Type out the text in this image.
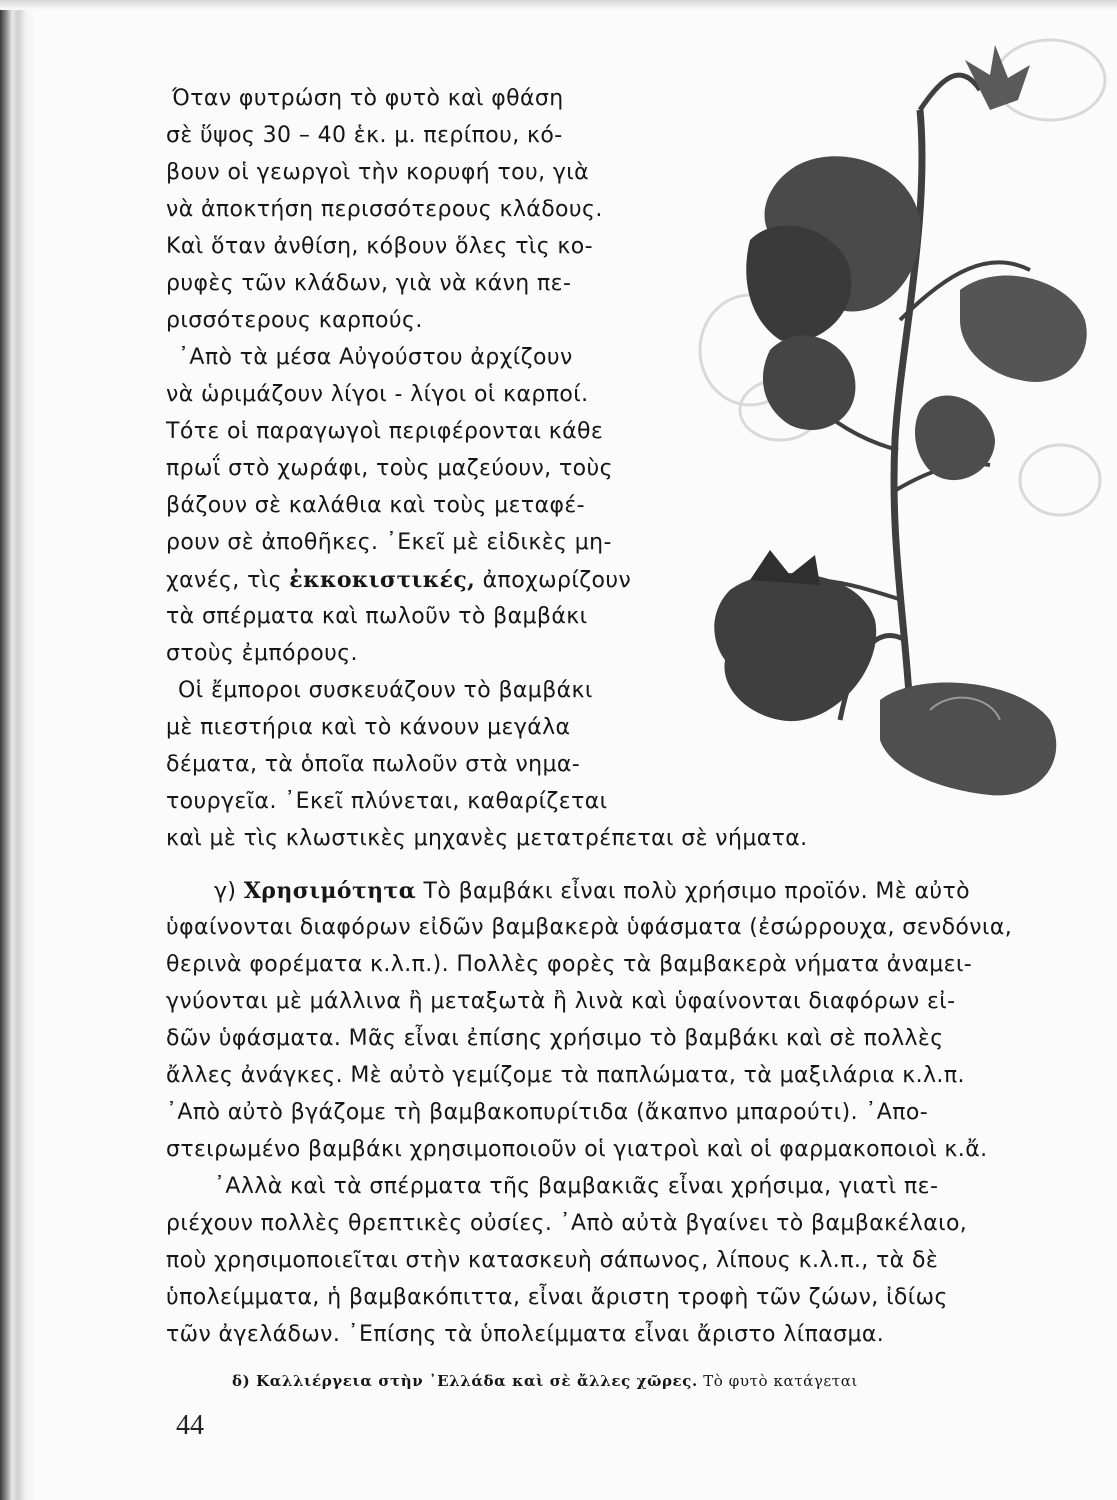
Όταν φυτρώση τὸ φυτὸ καὶ φθάση
σὲ ὕψος 30 – 40 ἑκ. μ. περίπου, κό-
βουν οἱ γεωργοὶ τὴν κορυφή του, γιὰ
νὰ ἀποκτήση περισσότερους κλάδους.
Καὶ ὅταν ἀνθίση, κόβουν ὅλες τὶς κο-
ρυφὲς τῶν κλάδων, γιὰ νὰ κάνη πε-
ρισσότερους καρπούς.
᾿Απὸ τὰ μέσα Αὐγούστου ἀρχίζουν
νὰ ὡριμάζουν λίγοι - λίγοι οἱ καρποί.
Τότε οἱ παραγωγοὶ περιφέρονται κάθε
πρωΐ στὸ χωράφι, τοὺς μαζεύουν, τοὺς
βάζουν σὲ καλάθια καὶ τοὺς μεταφέ-
ρουν σὲ ἀποθῆκες. ᾿Εκεῖ μὲ εἰδικὲς μη-
χανές, τὶς ἐκκοκιστικές, ἀποχωρίζουν
τὰ σπέρματα καὶ πωλοῦν τὸ βαμβάκι
στοὺς ἐμπόρους.
Οἱ ἔμποροι συσκευάζουν τὸ βαμβάκι
μὲ πιεστήρια καὶ τὸ κάνουν μεγάλα
δέματα, τὰ ὁποῖα πωλοῦν στὰ νημα-
τουργεῖα. ᾿Εκεῖ πλύνεται, καθαρίζεται
καὶ μὲ τὶς κλωστικὲς μηχανὲς μετατρέπεται σὲ νήματα.
γ) Χρησιμότητα Τὸ βαμβάκι εἶναι πολὺ χρήσιμο προϊόν. Μὲ αὐτὸ
ὑφαίνονται διαφόρων εἰδῶν βαμβακερὰ ὑφάσματα (ἐσώρρουχα, σενδόνια,
θερινὰ φορέματα κ.λ.π.). Πολλὲς φορὲς τὰ βαμβακερὰ νήματα ἀναμει-
γνύονται μὲ μάλλινα ἢ μεταξωτὰ ἢ λινὰ καὶ ὑφαίνονται διαφόρων εἰ-
δῶν ὑφάσματα. Μᾶς εἶναι ἐπίσης χρήσιμο τὸ βαμβάκι καὶ σὲ πολλὲς
ἄλλες ἀνάγκες. Μὲ αὐτὸ γεμίζομε τὰ παπλώματα, τὰ μαξιλάρια κ.λ.π.
᾿Απὸ αὐτὸ βγάζομε τὴ βαμβακοπυρίτιδα (ἄκαπνο μπαρούτι). ᾿Απο-
στειρωμένο βαμβάκι χρησιμοποιοῦν οἱ γιατροὶ καὶ οἱ φαρμακοποιοὶ κ.ἄ.
᾿Αλλὰ καὶ τὰ σπέρματα τῆς βαμβακιᾶς εἶναι χρήσιμα, γιατὶ πε-
ριέχουν πολλὲς θρεπτικὲς οὐσίες. ᾿Απὸ αὐτὰ βγαίνει τὸ βαμβακέλαιο,
ποὺ χρησιμοποιεῖται στὴν κατασκευὴ σάπωνος, λίπους κ.λ.π., τὰ δὲ
ὑπολείμματα, ἡ βαμβακόπιττα, εἶναι ἄριστη τροφὴ τῶν ζώων, ἰδίως
τῶν ἀγελάδων. ᾿Επίσης τὰ ὑπολείμματα εἶναι ἄριστο λίπασμα.
δ) Καλλιέργεια στὴν ᾿Ελλάδα καὶ σὲ ἄλλες χῶρες. Τὸ φυτὸ κατάγεται
44
